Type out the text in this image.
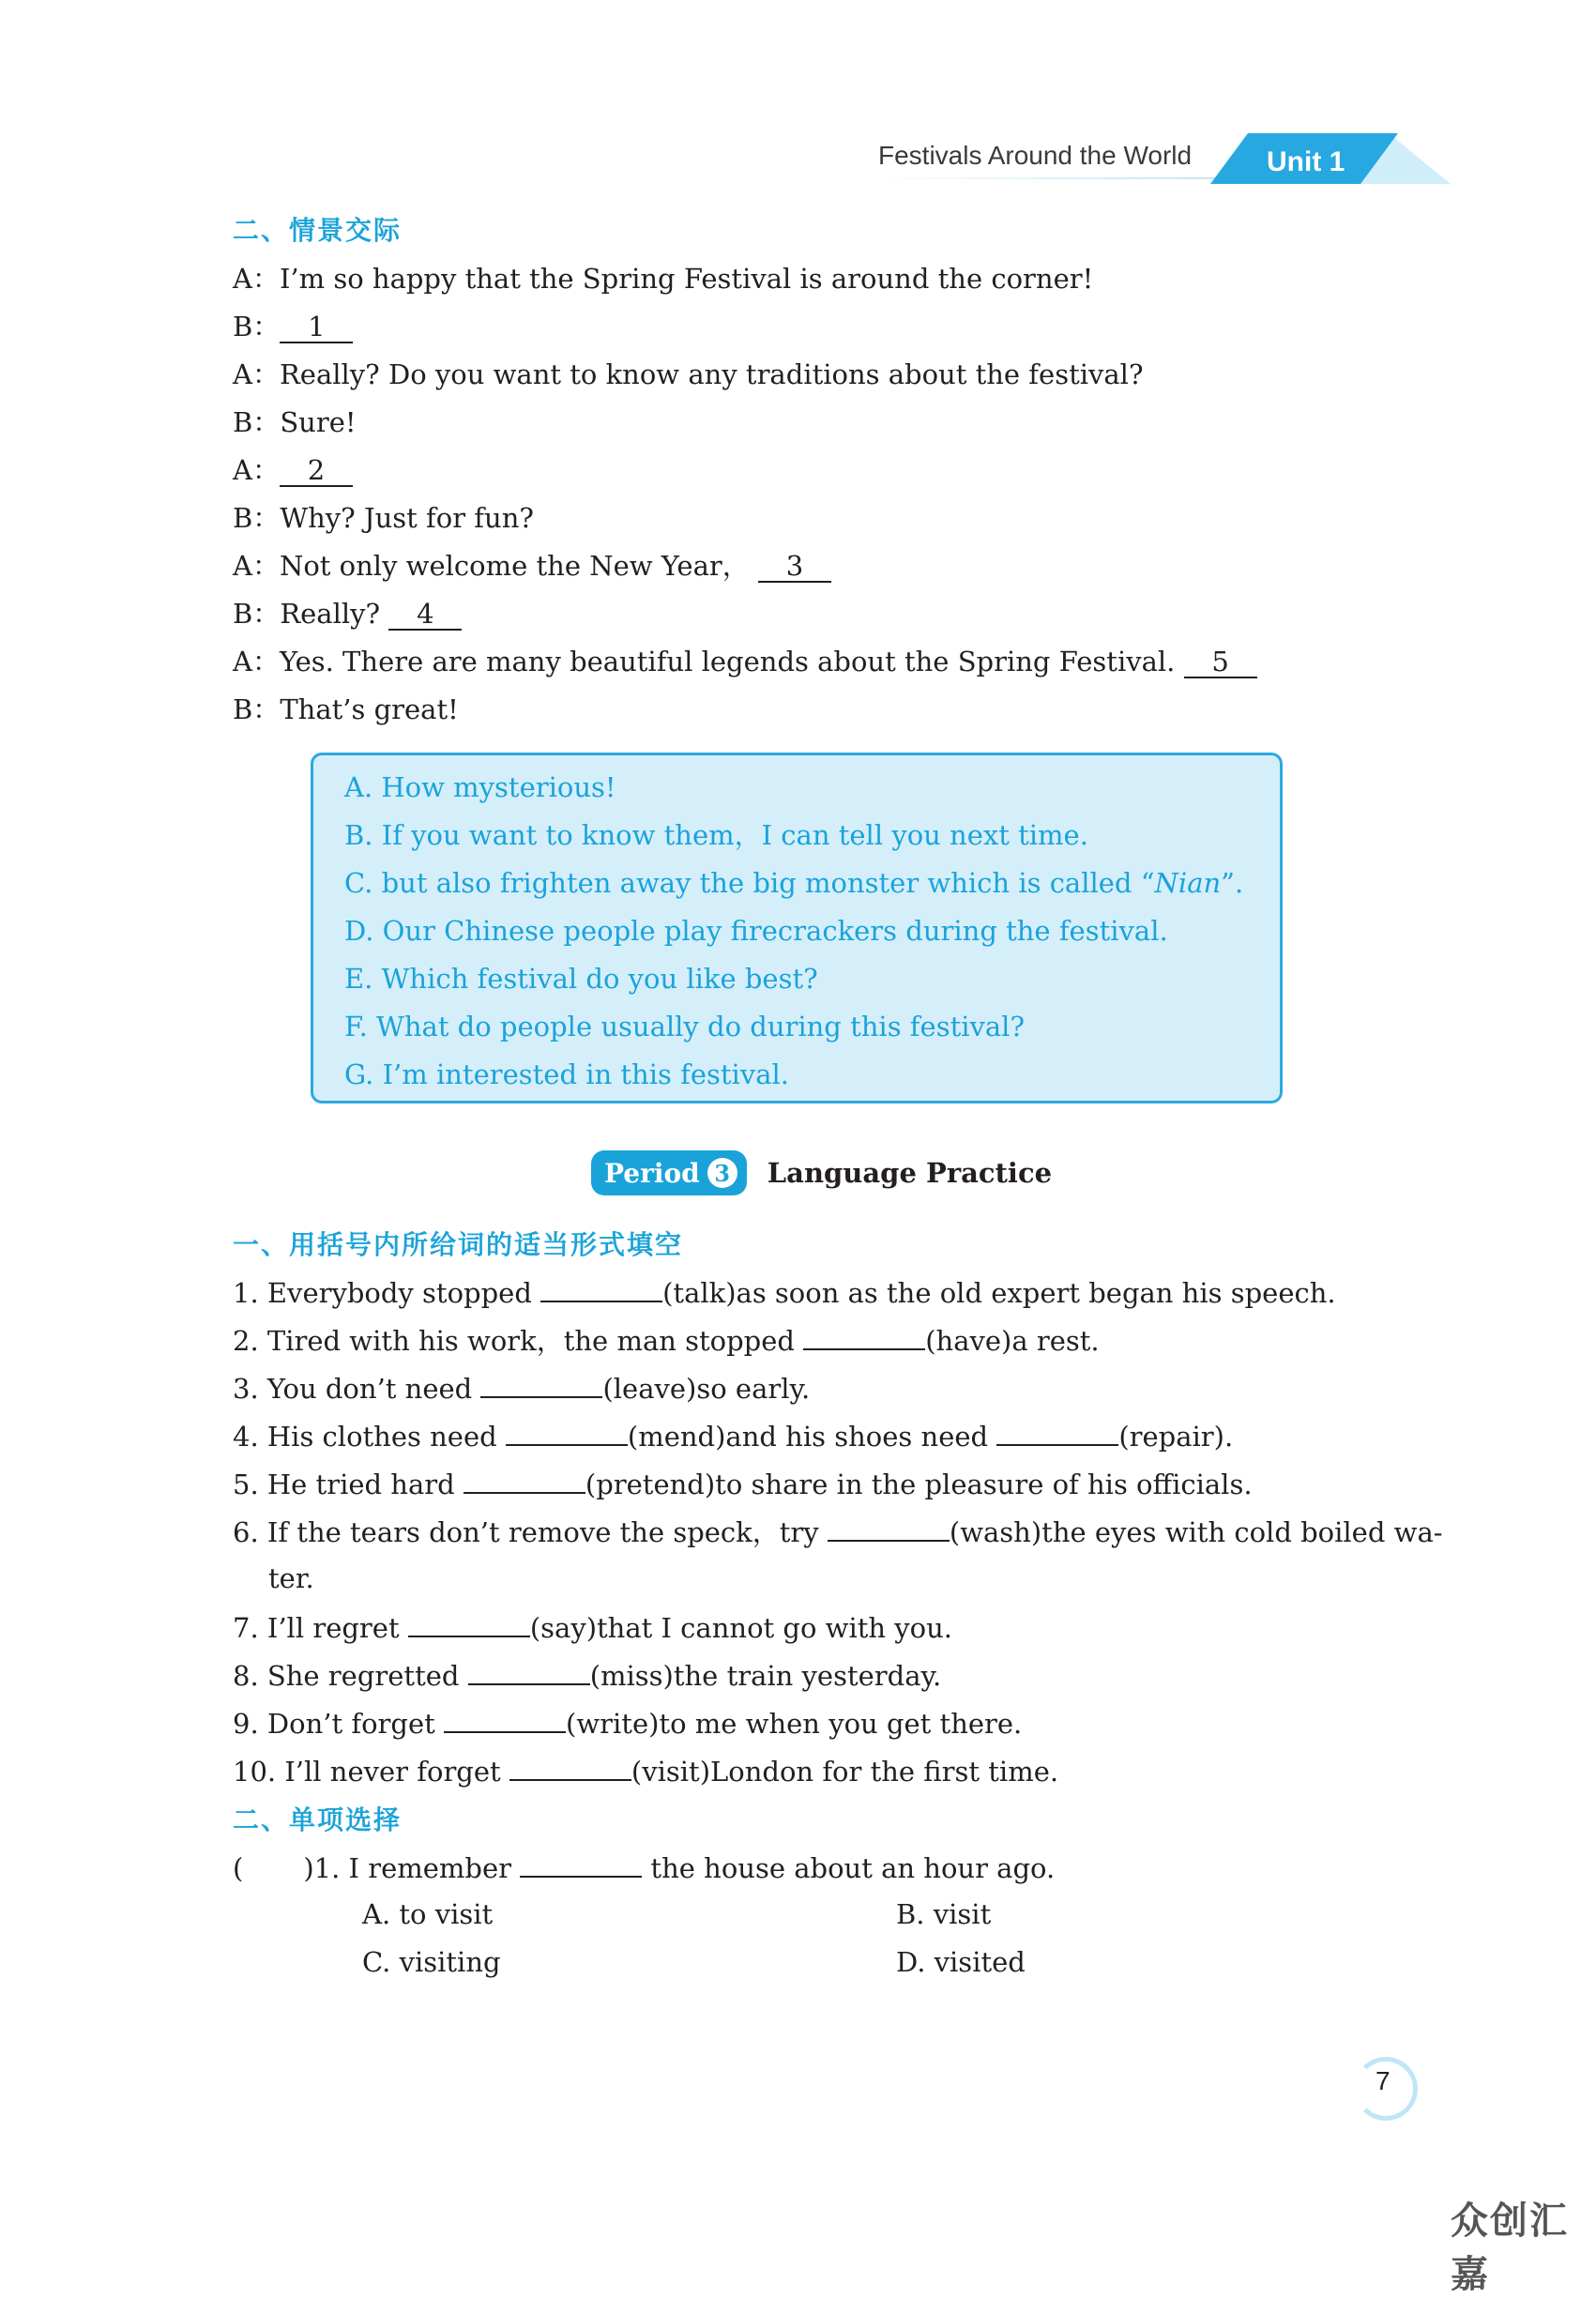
Festivals Around the World	Unit 1
二、情景交际
A：I’m so happy that the Spring Festival is around the corner!
B： 1
A：Really? Do you want to know any traditions about the festival?
B：Sure!
A： 2
B：Why? Just for fun?
A：Not only welcome the New Year， 3
B：Really? 4
A：Yes. There are many beautiful legends about the Spring Festival. 5
B：That’s great!
A. How mysterious!
B. If you want to know them，I can tell you next time.
C. but also frighten away the big monster which is called “Nian”.
D. Our Chinese people play firecrackers during the festival.
E. Which festival do you like best?
F. What do people usually do during this festival?
G. I’m interested in this festival.
Period 3 Language Practice
一、用括号内所给词的适当形式填空
1. Everybody stopped	(talk)as soon as the old expert began his speech.
2. Tired with his work，the man stopped	(have)a rest.
3. You don’t need	(leave)so early.
4. His clothes need	(mend)and his shoes need	(repair).
5. He tried hard	(pretend)to share in the pleasure of his officials.
6. If the tears don’t remove the speck，try	(wash)the eyes with cold boiled wa-
ter.
7. I’ll regret	(say)that I cannot go with you.
8. She regretted	(miss)the train yesterday.
9. Don’t forget	(write)to me when you get there.
10. I’ll never forget	(visit)London for the first time.
二、单项选择
( )1. I remember	the house about an hour ago.
A. to visit	B. visit
C. visiting	D. visited
7
众创汇嘉
